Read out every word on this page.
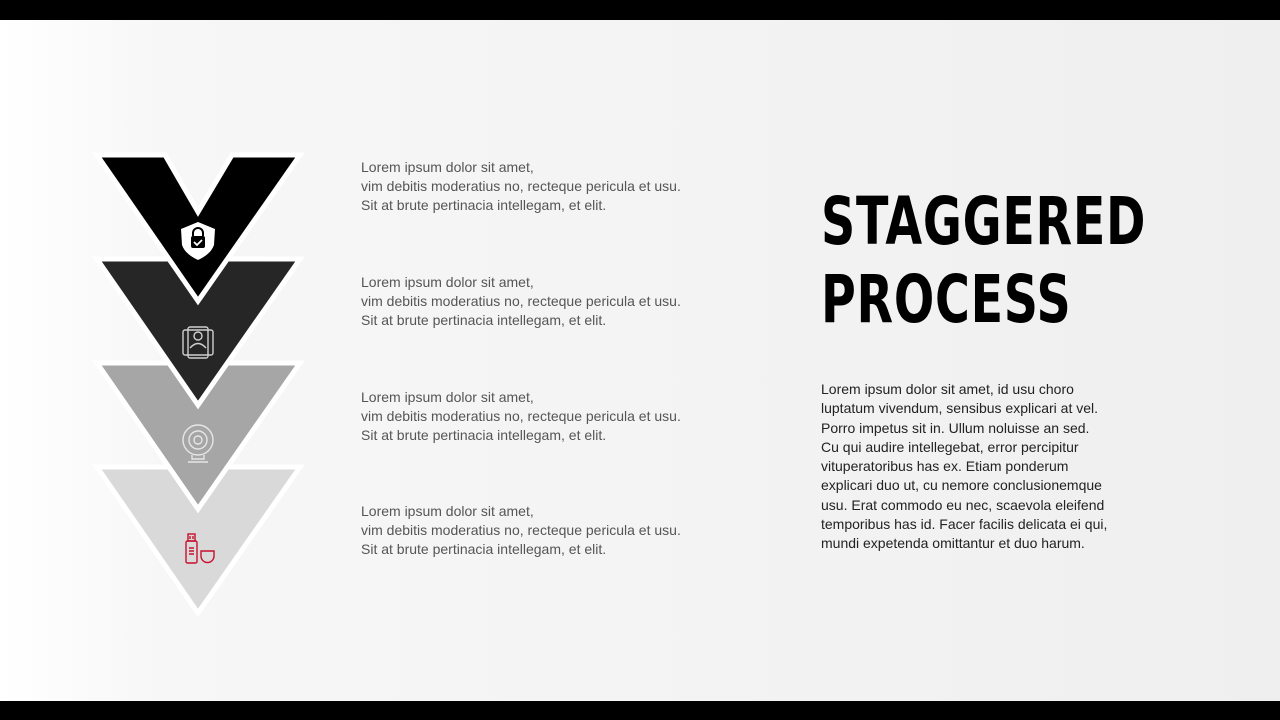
Lorem ipsum dolor sit amet,
vim debitis moderatius no, recteque pericula et usu.
Sit at brute pertinacia intellegam, et elit.

Lorem ipsum dolor sit amet,
vim debitis moderatius no, recteque pericula et usu.
Sit at brute pertinacia intellegam, et elit.

Lorem ipsum dolor sit amet,
vim debitis moderatius no, recteque pericula et usu.
Sit at brute pertinacia intellegam, et elit.

Lorem ipsum dolor sit amet,
vim debitis moderatius no, recteque pericula et usu.
Sit at brute pertinacia intellegam, et elit.

STAGGERED
PROCESS

Lorem ipsum dolor sit amet, id usu choro
luptatum vivendum, sensibus explicari at vel.
Porro impetus sit in. Ullum noluisse an sed.
Cu qui audire intellegebat, error percipitur
vituperatoribus has ex. Etiam ponderum
explicari duo ut, cu nemore conclusionemque
usu. Erat commodo eu nec, scaevola eleifend
temporibus has id. Facer facilis delicata ei qui,
mundi expetenda omittantur et duo harum.
